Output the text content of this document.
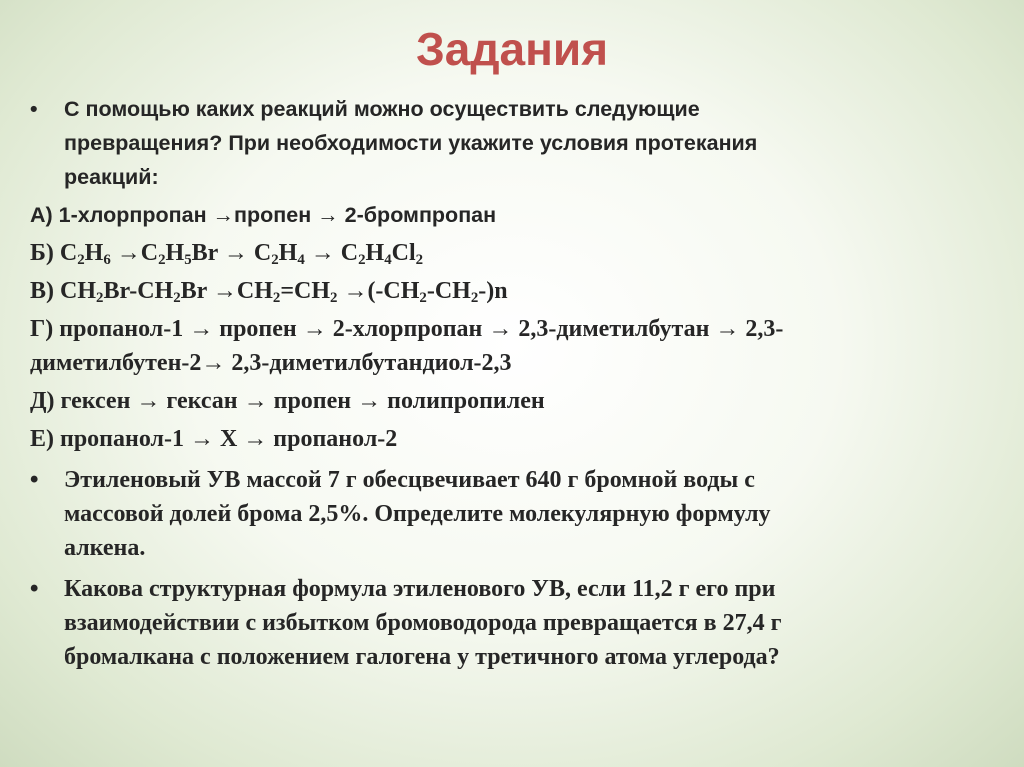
Задания
• С помощью каких реакций можно осуществить следующие
превращения? При необходимости укажите условия протекания
реакций:
А) 1-хлорпропан →пропен → 2-бромпропан
Б) $C_2H_6 \to C_2H_5Br \to C_2H_4 \to C_2H_4Cl_2$
В) $CH_2Br-CH_2Br \to CH_2=CH_2 \to(-CH_2-CH_2-)n$
Г) пропанол-1 → пропен → 2-хлорпропан → 2,3-диметилбутан → 2,3-
диметилбутен-2→ 2,3-диметилбутандиол-2,3
Д) гексен → гексан → пропен → полипропилен
Е) пропанол-1 → Х → пропанол-2
• Этиленовый УВ массой 7 г обесцвечивает 640 г бромной воды с
массовой долей брома 2,5%. Определите молекулярную формулу
алкена.
• Какова структурная формула этиленового УВ, если 11,2 г его при
взаимодействии с избытком бромоводорода превращается в 27,4 г
бромалкана с положением галогена у третичного атома углерода?
